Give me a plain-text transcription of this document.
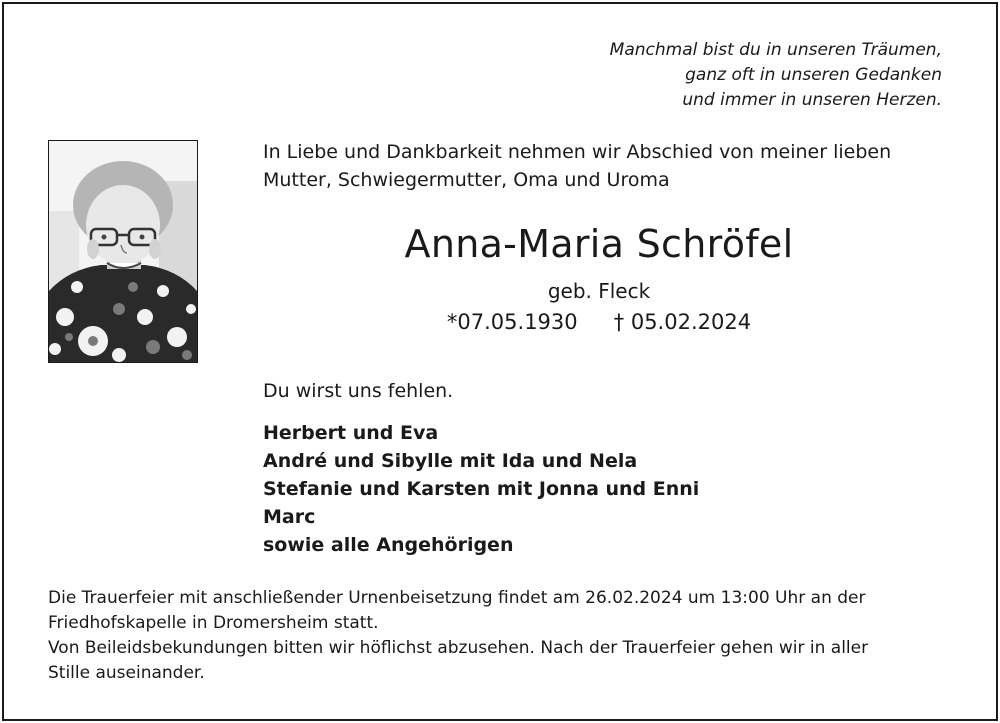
Manchmal bist du in unseren Träumen,
ganz oft in unseren Gedanken
und immer in unseren Herzen.
In Liebe und Dankbarkeit nehmen wir Abschied von meiner lieben
Mutter, Schwiegermutter, Oma und Uroma
Anna-Maria Schröfel
geb. Fleck
*07.05.1930 † 05.02.2024
Du wirst uns fehlen.
Herbert und Eva
André und Sibylle mit Ida und Nela
Stefanie und Karsten mit Jonna und Enni
Marc
sowie alle Angehörigen
Die Trauerfeier mit anschließender Urnenbeisetzung findet am 26.02.2024 um 13:00 Uhr an der
Friedhofskapelle in Dromersheim statt.
Von Beileidsbekundungen bitten wir höflichst abzusehen. Nach der Trauerfeier gehen wir in aller
Stille auseinander.
